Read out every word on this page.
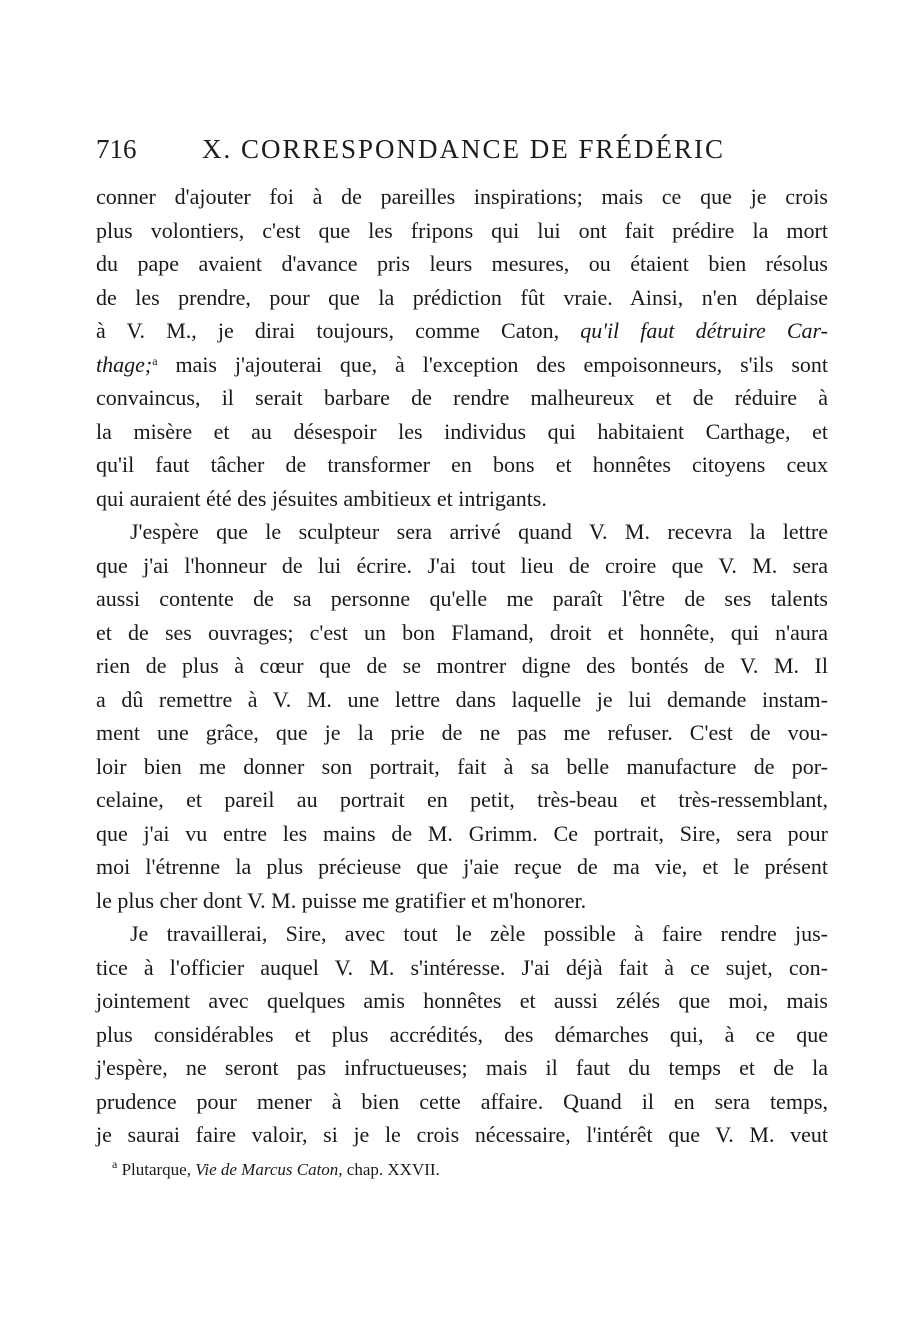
716 X. CORRESPONDANCE DE FRÉDÉRIC
conner d'ajouter foi à de pareilles inspirations; mais ce que je crois
plus volontiers, c'est que les fripons qui lui ont fait prédire la mort
du pape avaient d'avance pris leurs mesures, ou étaient bien résolus
de les prendre, pour que la prédiction fût vraie. Ainsi, n'en déplaise
à V. M., je dirai toujours, comme Caton, qu'il faut détruire Car-
thage;$^a$ mais j'ajouterai que, à l'exception des empoisonneurs, s'ils sont
convaincus, il serait barbare de rendre malheureux et de réduire à
la misère et au désespoir les individus qui habitaient Carthage, et
qu'il faut tâcher de transformer en bons et honnêtes citoyens ceux
qui auraient été des jésuites ambitieux et intrigants.
J'espère que le sculpteur sera arrivé quand V. M. recevra la lettre
que j'ai l'honneur de lui écrire. J'ai tout lieu de croire que V. M. sera
aussi contente de sa personne qu'elle me paraît l'être de ses talents
et de ses ouvrages; c'est un bon Flamand, droit et honnête, qui n'aura
rien de plus à cœur que de se montrer digne des bontés de V. M. Il
a dû remettre à V. M. une lettre dans laquelle je lui demande instam-
ment une grâce, que je la prie de ne pas me refuser. C'est de vou-
loir bien me donner son portrait, fait à sa belle manufacture de por-
celaine, et pareil au portrait en petit, très-beau et très-ressemblant,
que j'ai vu entre les mains de M. Grimm. Ce portrait, Sire, sera pour
moi l'étrenne la plus précieuse que j'aie reçue de ma vie, et le présent
le plus cher dont V. M. puisse me gratifier et m'honorer.
Je travaillerai, Sire, avec tout le zèle possible à faire rendre jus-
tice à l'officier auquel V. M. s'intéresse. J'ai déjà fait à ce sujet, con-
jointement avec quelques amis honnêtes et aussi zélés que moi, mais
plus considérables et plus accrédités, des démarches qui, à ce que
j'espère, ne seront pas infructueuses; mais il faut du temps et de la
prudence pour mener à bien cette affaire. Quand il en sera temps,
je saurai faire valoir, si je le crois nécessaire, l'intérêt que V. M. veut
$^a$ Plutarque, Vie de Marcus Caton, chap. XXVII.
